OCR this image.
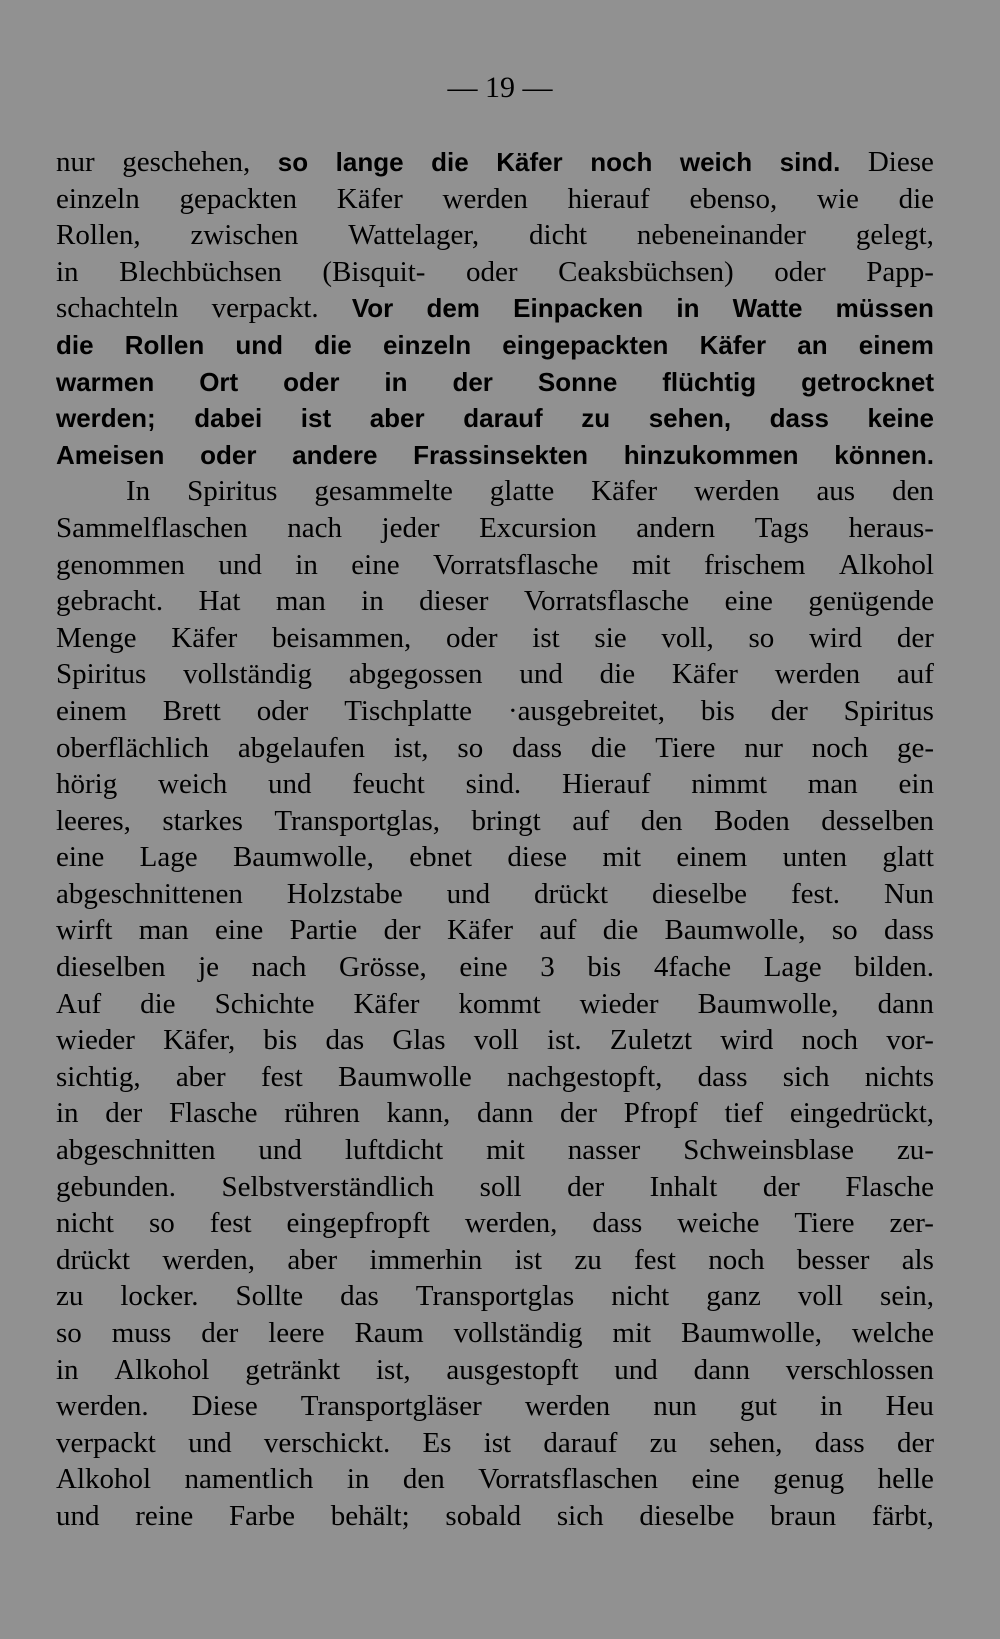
— 19 —
nur geschehen, so lange die Käfer noch weich sind. Diese
einzeln gepackten Käfer werden hierauf ebenso, wie die
Rollen, zwischen Wattelager, dicht nebeneinander gelegt,
in Blechbüchsen (Bisquit- oder Ceaksbüchsen) oder Papp-
schachteln verpackt. Vor dem Einpacken in Watte müssen
die Rollen und die einzeln eingepackten Käfer an einem
warmen Ort oder in der Sonne flüchtig getrocknet
werden; dabei ist aber darauf zu sehen, dass keine
Ameisen oder andere Frassinsekten hinzukommen können.
In Spiritus gesammelte glatte Käfer werden aus den
Sammelflaschen nach jeder Excursion andern Tags heraus-
genommen und in eine Vorratsflasche mit frischem Alkohol
gebracht. Hat man in dieser Vorratsflasche eine genügende
Menge Käfer beisammen, oder ist sie voll, so wird der
Spiritus vollständig abgegossen und die Käfer werden auf
einem Brett oder Tischplatte ·ausgebreitet, bis der Spiritus
oberflächlich abgelaufen ist, so dass die Tiere nur noch ge-
hörig weich und feucht sind. Hierauf nimmt man ein
leeres, starkes Transportglas, bringt auf den Boden desselben
eine Lage Baumwolle, ebnet diese mit einem unten glatt
abgeschnittenen Holzstabe und drückt dieselbe fest. Nun
wirft man eine Partie der Käfer auf die Baumwolle, so dass
dieselben je nach Grösse, eine 3 bis 4fache Lage bilden.
Auf die Schichte Käfer kommt wieder Baumwolle, dann
wieder Käfer, bis das Glas voll ist. Zuletzt wird noch vor-
sichtig, aber fest Baumwolle nachgestopft, dass sich nichts
in der Flasche rühren kann, dann der Pfropf tief eingedrückt,
abgeschnitten und luftdicht mit nasser Schweinsblase zu-
gebunden. Selbstverständlich soll der Inhalt der Flasche
nicht so fest eingepfropft werden, dass weiche Tiere zer-
drückt werden, aber immerhin ist zu fest noch besser als
zu locker. Sollte das Transportglas nicht ganz voll sein,
so muss der leere Raum vollständig mit Baumwolle, welche
in Alkohol getränkt ist, ausgestopft und dann verschlossen
werden. Diese Transportgläser werden nun gut in Heu
verpackt und verschickt. Es ist darauf zu sehen, dass der
Alkohol namentlich in den Vorratsflaschen eine genug helle
und reine Farbe behält; sobald sich dieselbe braun färbt,
